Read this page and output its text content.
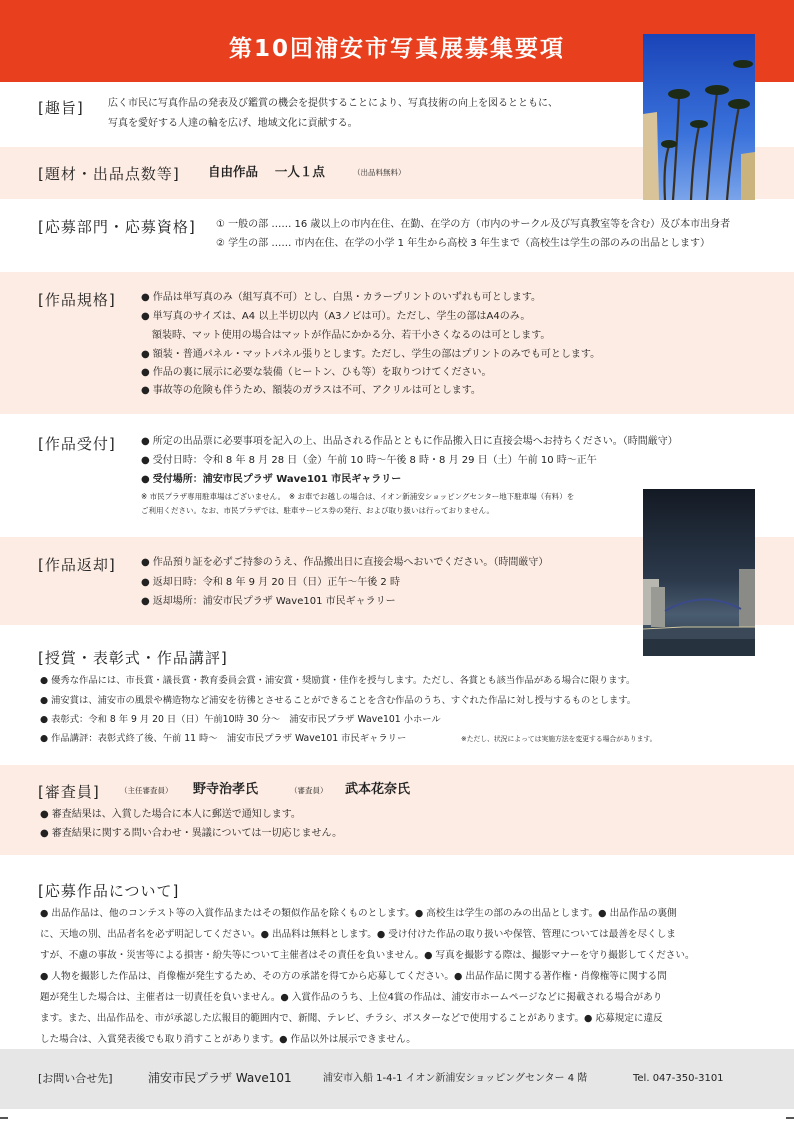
第10回浦安市写真展募集要項
[趣旨] 広く市民に写真作品の発表及び鑑賞の機会を提供することにより、写真技術の向上を図るとともに、
写真を愛好する人達の輪を広げ、地域文化に貢献する。
[題材・出品点数等] 自由作品　 一人１点	（出品料無料）
[応募部門・応募資格] ① 一般の部 …… 16 歳以上の市内在住、在勤、在学の方（市内のサークル及び写真教室等を含む）及び本市出身者
② 学生の部 …… 市内在住、在学の小学 1 年生から高校 3 年生まで（高校生は学生の部のみの出品とします）
[作品規格]	● 作品は単写真のみ（組写真不可）とし、白黒・カラープリントのいずれも可とします。
● 単写真のサイズは、A4 以上半切以内（A3ノビは可）。ただし、学生の部はA4のみ。
額装時、マット使用の場合はマットが作品にかかる分、若干小さくなるのは可とします。
● 額装・普通パネル・マットパネル張りとします。ただし、学生の部はプリントのみでも可とします。
● 作品の裏に展示に必要な装備（ヒートン、ひも等）を取りつけてください。
● 事故等の危険も伴うため、額装のガラスは不可、アクリルは可とします。
[作品受付]	● 所定の出品票に必要事項を記入の上、出品される作品とともに作品搬入日に直接会場へお持ちください。（時間厳守）
● 受付日時：令和 8 年 8 月 28 日（金）午前 10 時〜午後 8 時・8 月 29 日（土）午前 10 時〜正午
● 受付場所：浦安市民プラザ Wave101 市民ギャラリー
※ 市民プラザ専用駐車場はございません。　※ お車でお越しの場合は、イオン新浦安ショッピングセンター地下駐車場（有料）を
ご利用ください。なお、市民プラザでは、駐車サービス券の発行、および取り扱いは行っておりません。
[作品返却]	● 作品預り証を必ずご持参のうえ、作品搬出日に直接会場へおいでください。（時間厳守）
● 返却日時：令和 8 年 9 月 20 日（日）正午〜午後 2 時
● 返却場所：浦安市民プラザ Wave101 市民ギャラリー
[授賞・表彰式・作品講評]
● 優秀な作品には、市長賞・議長賞・教育委員会賞・浦安賞・奨励賞・佳作を授与します。ただし、各賞とも該当作品がある場合に限ります。
● 浦安賞は、浦安市の風景や構造物など浦安を彷彿とさせることができることを含む作品のうち、すぐれた作品に対し授与するものとします。
● 表彰式：令和 8 年 9 月 20 日（日）午前10時 30 分〜　浦安市民プラザ Wave101 小ホール
● 作品講評：表彰式終了後、午前 11 時〜　浦安市民プラザ Wave101 市民ギャラリー	※ただし、状況によっては実施方法を変更する場合があります。
[審査員]	（主任審査員） 野寺治孝氏	（審査員） 武本花奈氏
● 審査結果は、入賞した場合に本人に郵送で通知します。
● 審査結果に関する問い合わせ・異議については一切応じません。
[応募作品について]
● 出品作品は、他のコンテスト等の入賞作品またはその類似作品を除くものとします。● 高校生は学生の部のみの出品とします。● 出品作品の裏側
に、天地の別、出品者名を必ず明記してください。● 出品料は無料とします。● 受け付けた作品の取り扱いや保管、管理については最善を尽くしま
すが、不慮の事故・災害等による損害・紛失等について主催者はその責任を負いません。● 写真を撮影する際は、撮影マナーを守り撮影してください。
● 人物を撮影した作品は、肖像権が発生するため、その方の承諾を得てから応募してください。● 出品作品に関する著作権・肖像権等に関する問
題が発生した場合は、主催者は一切責任を負いません。● 入賞作品のうち、上位4賞の作品は、浦安市ホームページなどに掲載される場合があり
ます。また、出品作品を、市が承認した広報目的範囲内で、新聞、テレビ、チラシ、ポスターなどで使用することがあります。● 応募規定に違反
した場合は、入賞発表後でも取り消すことがあります。● 作品以外は展示できません。
[お問い合せ先]	浦安市民プラザ Wave101	浦安市入船 1-4-1 イオン新浦安ショッピングセンター 4 階	Tel. 047-350-3101
